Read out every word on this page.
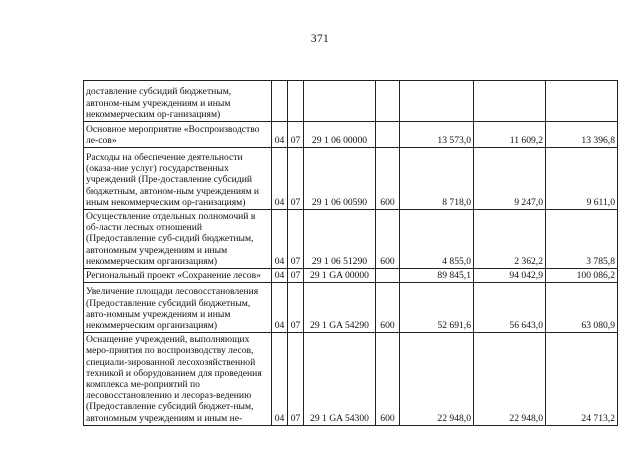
371
доставление субсидий бюджетным, автоном-ным учреждениям и иным некоммерческим ор-ганизациям)							
Основное мероприятие «Воспроизводство ле-сов»	04	07	29 1 06 00000		13 573,0	11 609,2	13 396,8
Расходы на обеспечение деятельности (оказа-ние услуг) государственных учреждений (Пре-доставление субсидий бюджетным, автоном-ным учреждениям и иным некоммерческим ор-ганизациям)	04	07	29 1 06 00590	600	8 718,0	9 247,0	9 611,0
Осуществление отдельных полномочий в об-ласти лесных отношений (Предоставление суб-сидий бюджетным, автономным учреждениям и иным некоммерческим организациям)	04	07	29 1 06 51290	600	4 855,0	2 362,2	3 785,8
Региональный проект «Сохранение лесов»	04	07	29 1 GA 00000		89 845,1	94 042,9	100 086,2
Увеличение площади лесовосстановления (Предоставление субсидий бюджетным, авто-номным учреждениям и иным некоммерческим организациям)	04	07	29 1 GA 54290	600	52 691,6	56 643,0	63 080,9
Оснащение учреждений, выполняющих меро-приятия по воспроизводству лесов, специали-зированной лесохозяйственной техникой и оборудованием для проведения комплекса ме-роприятий по лесовосстановлению и лесораз-ведению (Предоставление субсидий бюджет-ным, автономным учреждениям и иным не-	04	07	29 1 GA 54300	600	22 948,0	22 948,0	24 713,2
